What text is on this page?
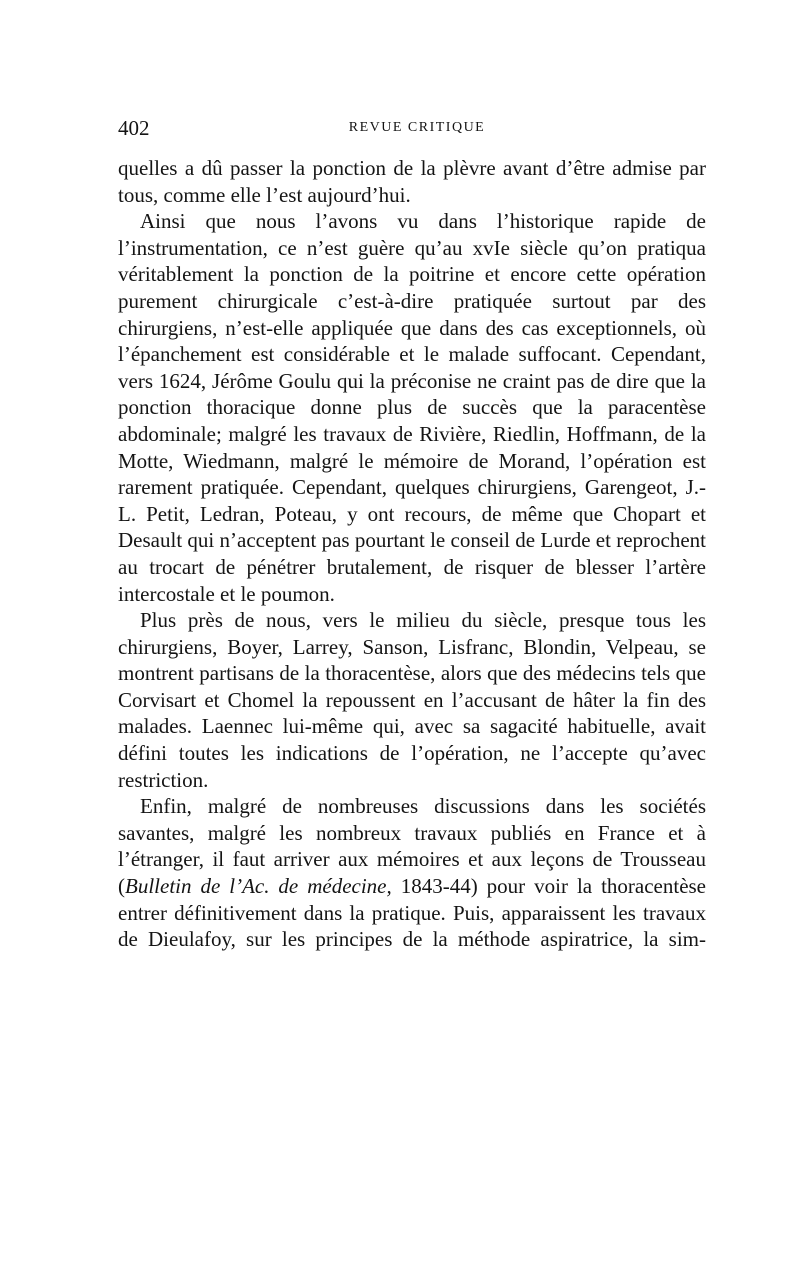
402	REVUE CRITIQUE

quelles a dû passer la ponction de la plèvre avant d’être admise par tous, comme elle l’est aujourd’hui.

Ainsi que nous l’avons vu dans l’historique rapide de l’instrumentation, ce n’est guère qu’au xvIe siècle qu’on pratiqua véritablement la ponction de la poitrine et encore cette opération purement chirurgicale c’est-à-dire pratiquée surtout par des chirurgiens, n’est-elle appliquée que dans des cas exceptionnels, où l’épanchement est considérable et le malade suffocant. Cependant, vers 1624, Jérôme Goulu qui la préconise ne craint pas de dire que la ponction thoracique donne plus de succès que la paracentèse abdominale; malgré les travaux de Rivière, Riedlin, Hoffmann, de la Motte, Wiedmann, malgré le mémoire de Morand, l’opération est rarement pratiquée. Cependant, quelques chirurgiens, Garengeot, J.-L. Petit, Ledran, Poteau, y ont recours, de même que Chopart et Desault qui n’acceptent pas pourtant le conseil de Lurde et reprochent au trocart de pénétrer brutalement, de risquer de blesser l’artère intercostale et le poumon.

Plus près de nous, vers le milieu du siècle, presque tous les chirurgiens, Boyer, Larrey, Sanson, Lisfranc, Blondin, Velpeau, se montrent partisans de la thoracentèse, alors que des médecins tels que Corvisart et Chomel la repoussent en l’accusant de hâter la fin des malades. Laennec lui-même qui, avec sa sagacité habituelle, avait défini toutes les indications de l’opération, ne l’accepte qu’avec restriction.

Enfin, malgré de nombreuses discussions dans les sociétés savantes, malgré les nombreux travaux publiés en France et à l’étranger, il faut arriver aux mémoires et aux leçons de Trousseau (Bulletin de l’Ac. de médecine, 1843-44) pour voir la thoracentèse entrer définitivement dans la pratique. Puis, apparaissent les travaux de Dieulafoy, sur les principes de la méthode aspiratrice, la sim-
